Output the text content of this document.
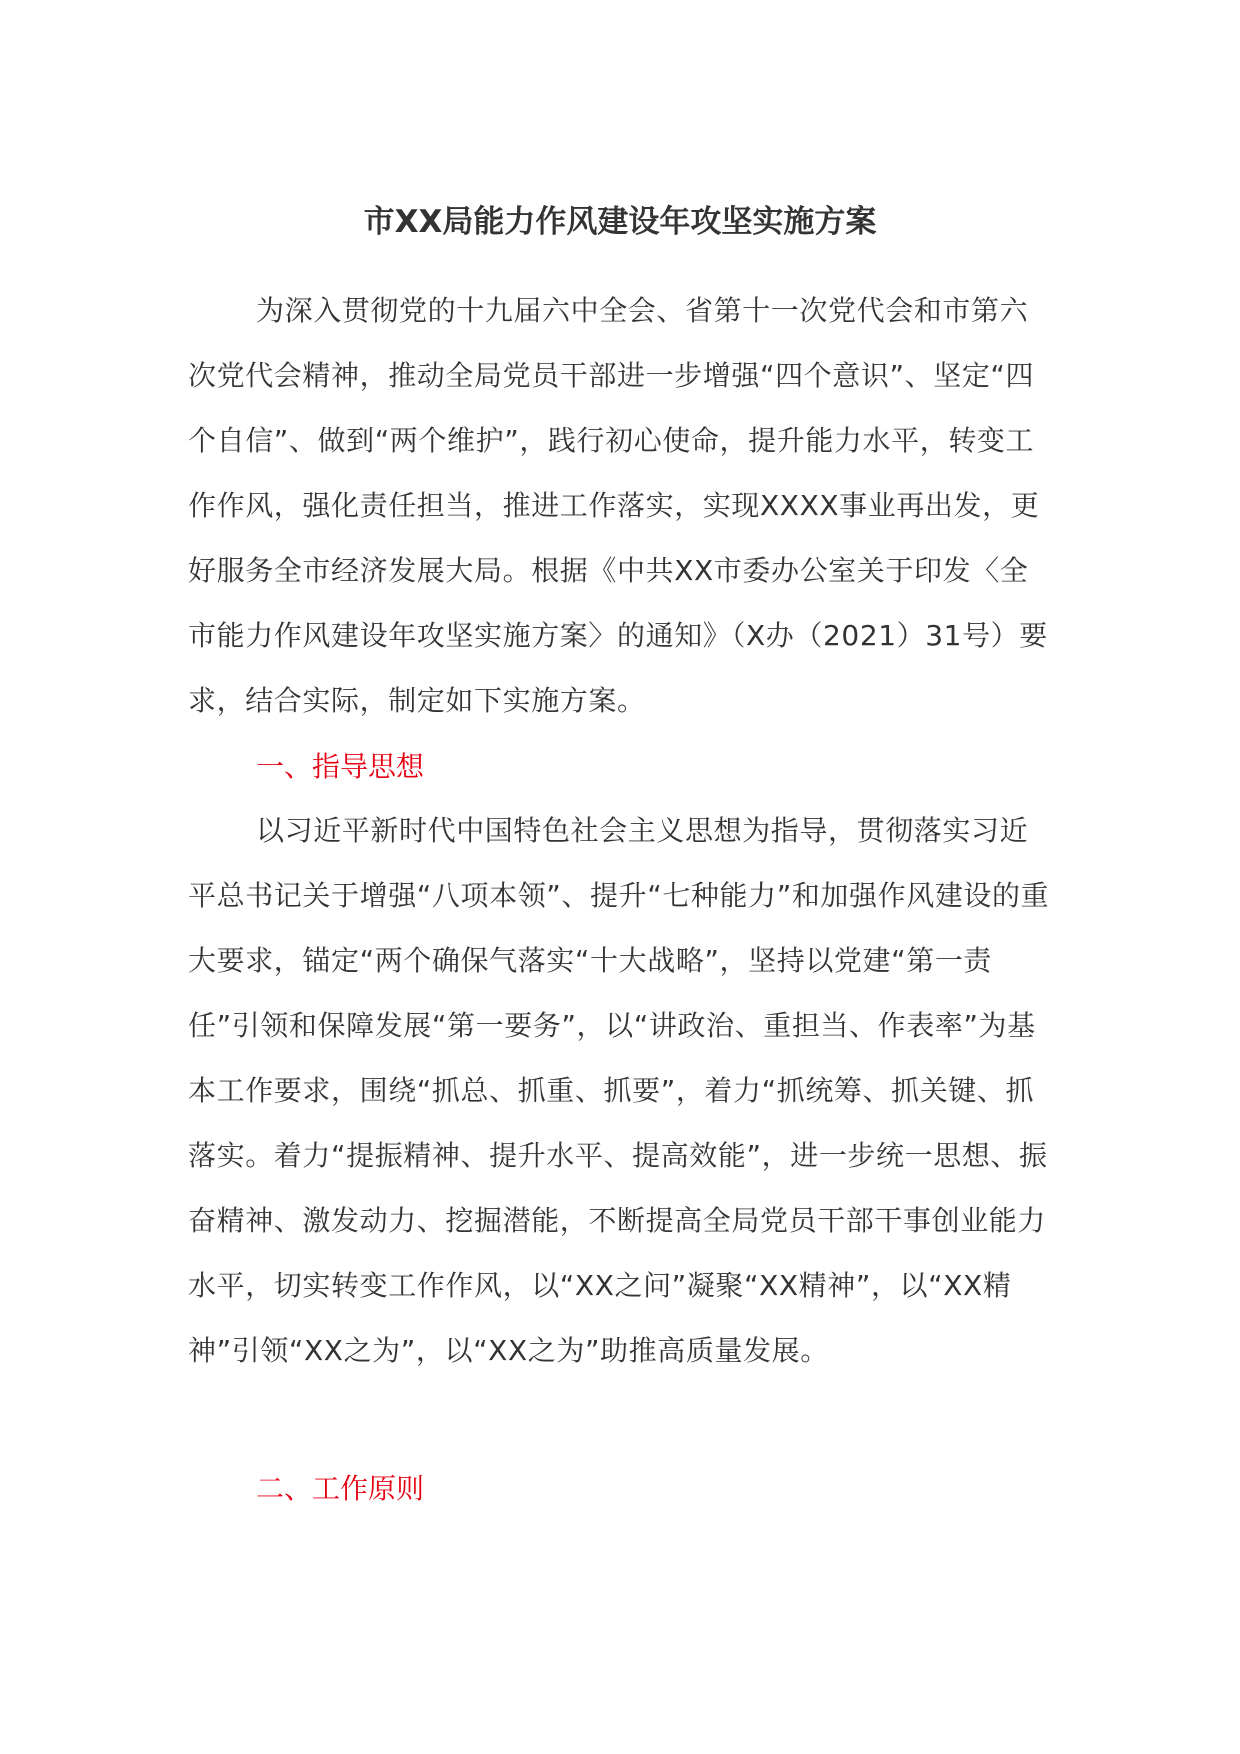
市XX局能力作风建设年攻坚实施方案

为深入贯彻党的十九届六中全会、省第十一次党代会和市第六次党代会精神，推动全局党员干部进一步增强“四个意识”、坚定“四个自信”、做到“两个维护”，践行初心使命，提升能力水平，转变工作作风，强化责任担当，推进工作落实，实现XXXX事业再出发，更好服务全市经济发展大局。根据《中共XX市委办公室关于印发〈全市能力作风建设年攻坚实施方案〉的通知》（X办（2021）31号）要求，结合实际，制定如下实施方案。

一、指导思想

以习近平新时代中国特色社会主义思想为指导，贯彻落实习近平总书记关于增强“八项本领”、提升“七种能力”和加强作风建设的重大要求，锚定“两个确保气落实“十大战略”，坚持以党建“第一责任”引领和保障发展“第一要务”，以“讲政治、重担当、作表率”为基本工作要求，围绕“抓总、抓重、抓要”，着力“抓统筹、抓关键、抓落实。着力“提振精神、提升水平、提高效能”，进一步统一思想、振奋精神、激发动力、挖掘潜能，不断提高全局党员干部干事创业能力水平，切实转变工作作风，以“XX之问”凝聚“XX精神”，以“XX精神”引领“XX之为”，以“XX之为”助推高质量发展。

二、工作原则
